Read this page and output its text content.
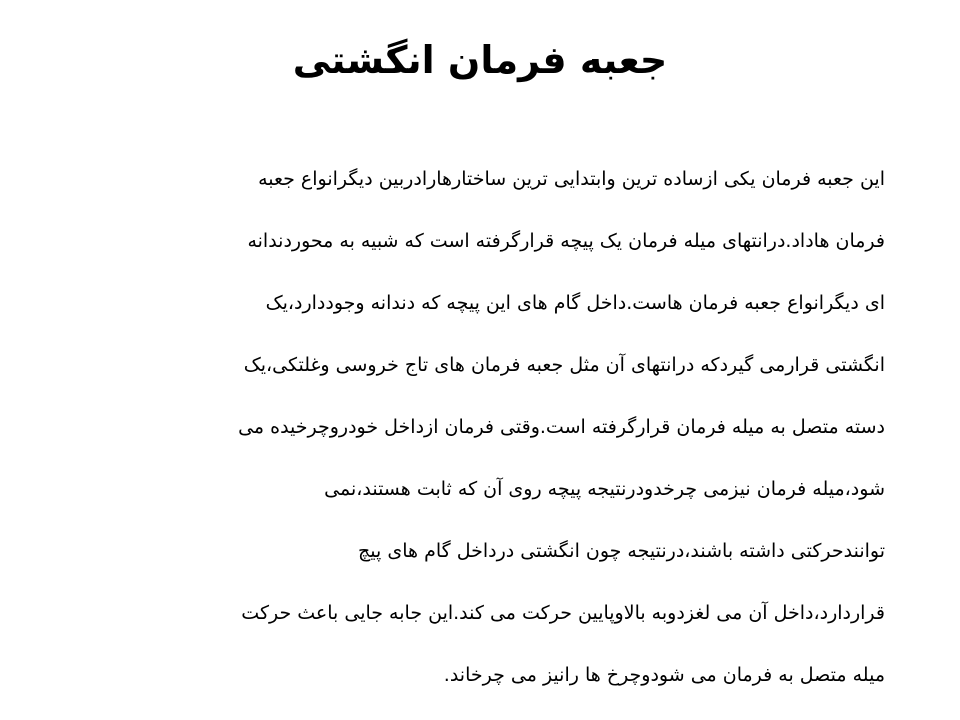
جعبه فرمان انگشتی
این جعبه فرمان یکی ازساده ترین وابتدایی ترین ساختارهارادربین دیگرانواع جعبه
فرمان هاداد.درانتهای میله فرمان یک پیچه قرارگرفته است که شبیه به محوردندانه
ای دیگرانواع جعبه فرمان هاست.داخل گام های این پیچه که دندانه وجوددارد،یک
انگشتی قرارمی گیردکه درانتهای آن مثل جعبه فرمان های تاج خروسی وغلتکی،یک
دسته متصل به میله فرمان قرارگرفته است.وقتی فرمان ازداخل خودروچرخیده می
شود،میله فرمان نیزمی چرخدودرنتیجه پیچه روی آن که ثابت هستند،نمی
توانندحرکتی داشته باشند،درنتیجه چون انگشتی درداخل گام های پیچ
قراردارد،داخل آن می لغزدوبه بالاوپایین حرکت می کند.این جابه جایی باعث حرکت
میله متصل به فرمان می شودوچرخ ها رانیز می چرخاند.
